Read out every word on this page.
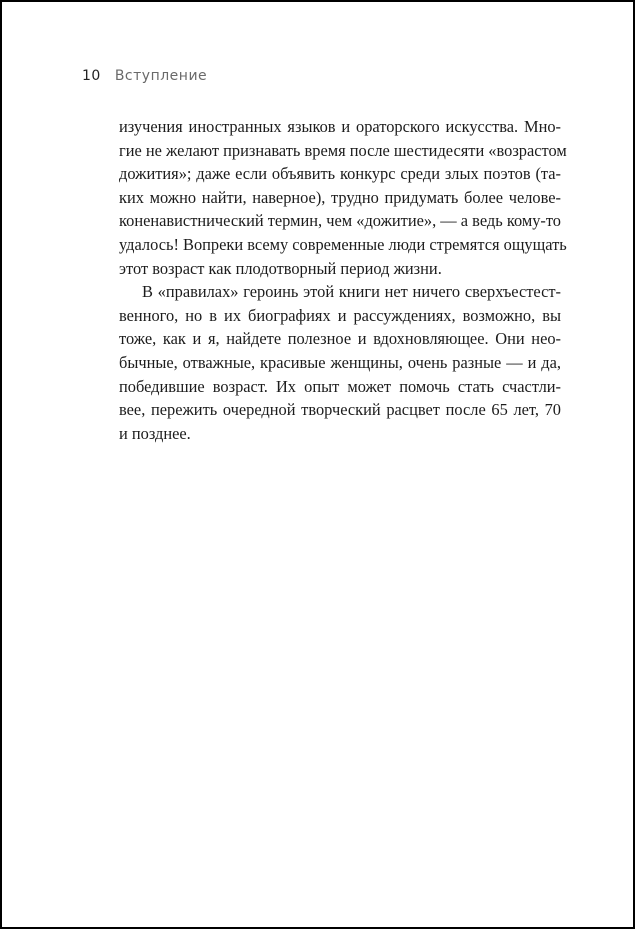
10 Вступление
изучения иностранных языков и ораторского искусства. Мно-
гие не желают признавать время после шестидесяти «возрастом
дожития»; даже если объявить конкурс среди злых поэтов (та-
ких можно найти, наверное), трудно придумать более челове-
коненавистнический термин, чем «дожитие», — а ведь кому-то
удалось! Вопреки всему современные люди стремятся ощущать
этот возраст как плодотворный период жизни.
В «правилах» героинь этой книги нет ничего сверхъестест-
венного, но в их биографиях и рассуждениях, возможно, вы
тоже, как и я, найдете полезное и вдохновляющее. Они нео-
бычные, отважные, красивые женщины, очень разные — и да,
победившие возраст. Их опыт может помочь стать счастли-
вее, пережить очередной творческий расцвет после 65 лет, 70
и позднее.
